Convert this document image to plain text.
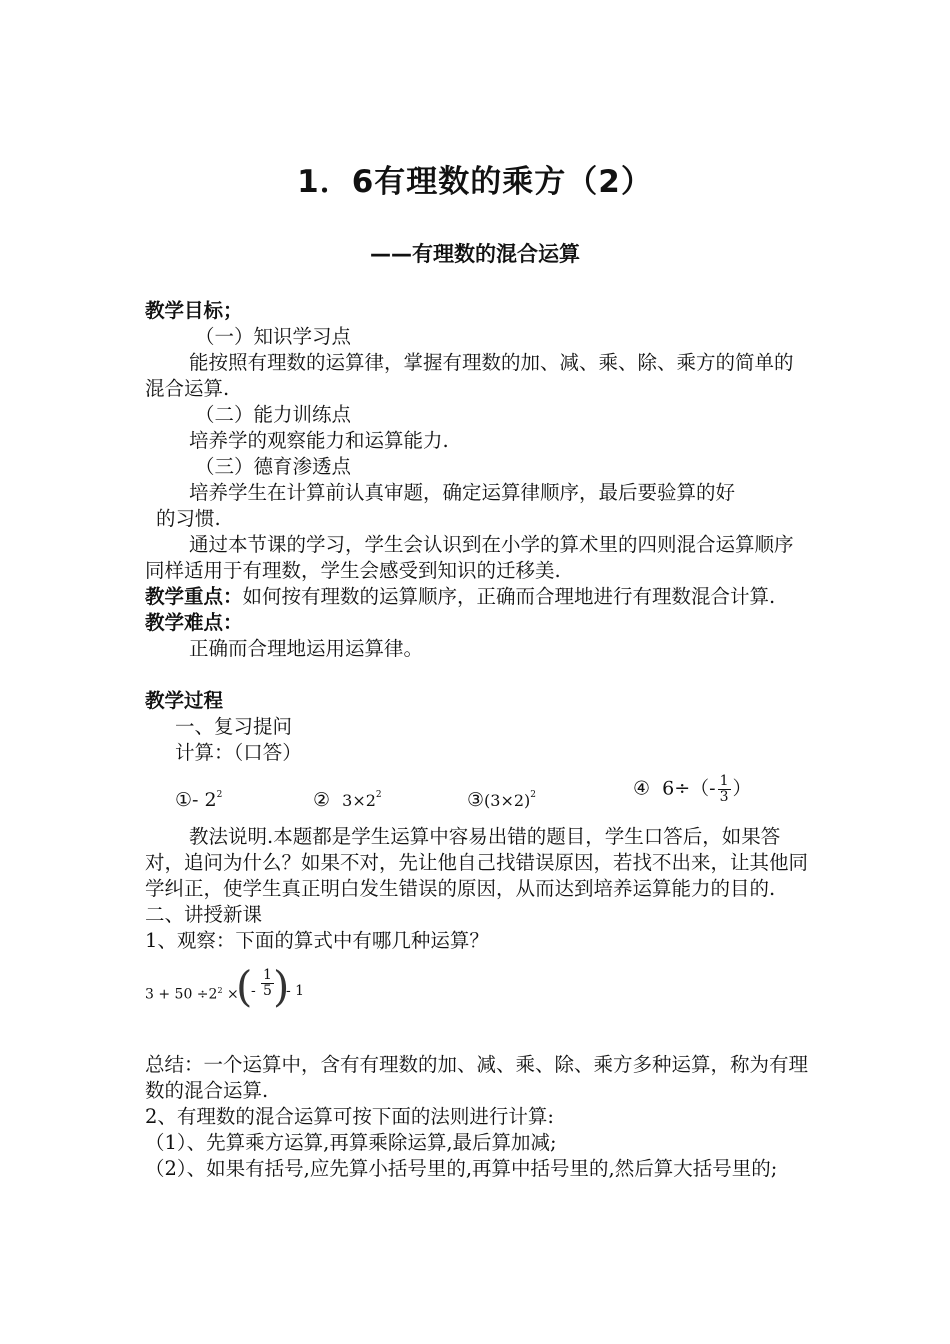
1．6有理数的乘方（2）
——有理数的混合运算

教学目标；

（一）知识学习点

能按照有理数的运算律，掌握有理数的加、减、乘、除、乘方的简单的混合运算.

（二）能力训练点

培养学的观察能力和运算能力.

（三）德育渗透点

培养学生在计算前认真审题，确定运算律顺序，最后要验算的好

的习惯.

通过本节课的学习，学生会认识到在小学的算术里的四则混合运算顺序同样适用于有理数，学生会感受到知识的迁移美.

教学重点：如何按有理数的运算顺序，正确而合理地进行有理数混合计算.

教学难点：

正确而合理地运用运算律。

教学过程

一、复习提问

计算：（口答）

①- $2^2$	② $3\times 2^2$	$③(3\times 2)^2$	④ $6\div(- \frac{1}{3}$ ）

教法说明.本题都是学生运算中容易出错的题目，学生口答后，如果答对，追问为什么？如果不对，先让他自己找错误原因，若找不出来，让其他同学纠正，使学生真正明白发生错误的原因，从而达到培养运算能力的目的.

二、讲授新课

1、观察：下面的算式中有哪几种运算？

$3 + 50 \div 2^2$ ×
(
- $\frac{1}{5}$ )
- 1

总结：一个运算中，含有有理数的加、减、乘、除、乘方多种运算，称为有理数的混合运算.

2、有理数的混合运算可按下面的法则进行计算:

（1）、先算乘方运算,再算乘除运算,最后算加减;

（2）、如果有括号,应先算小括号里的,再算中括号里的,然后算大括号里的;
